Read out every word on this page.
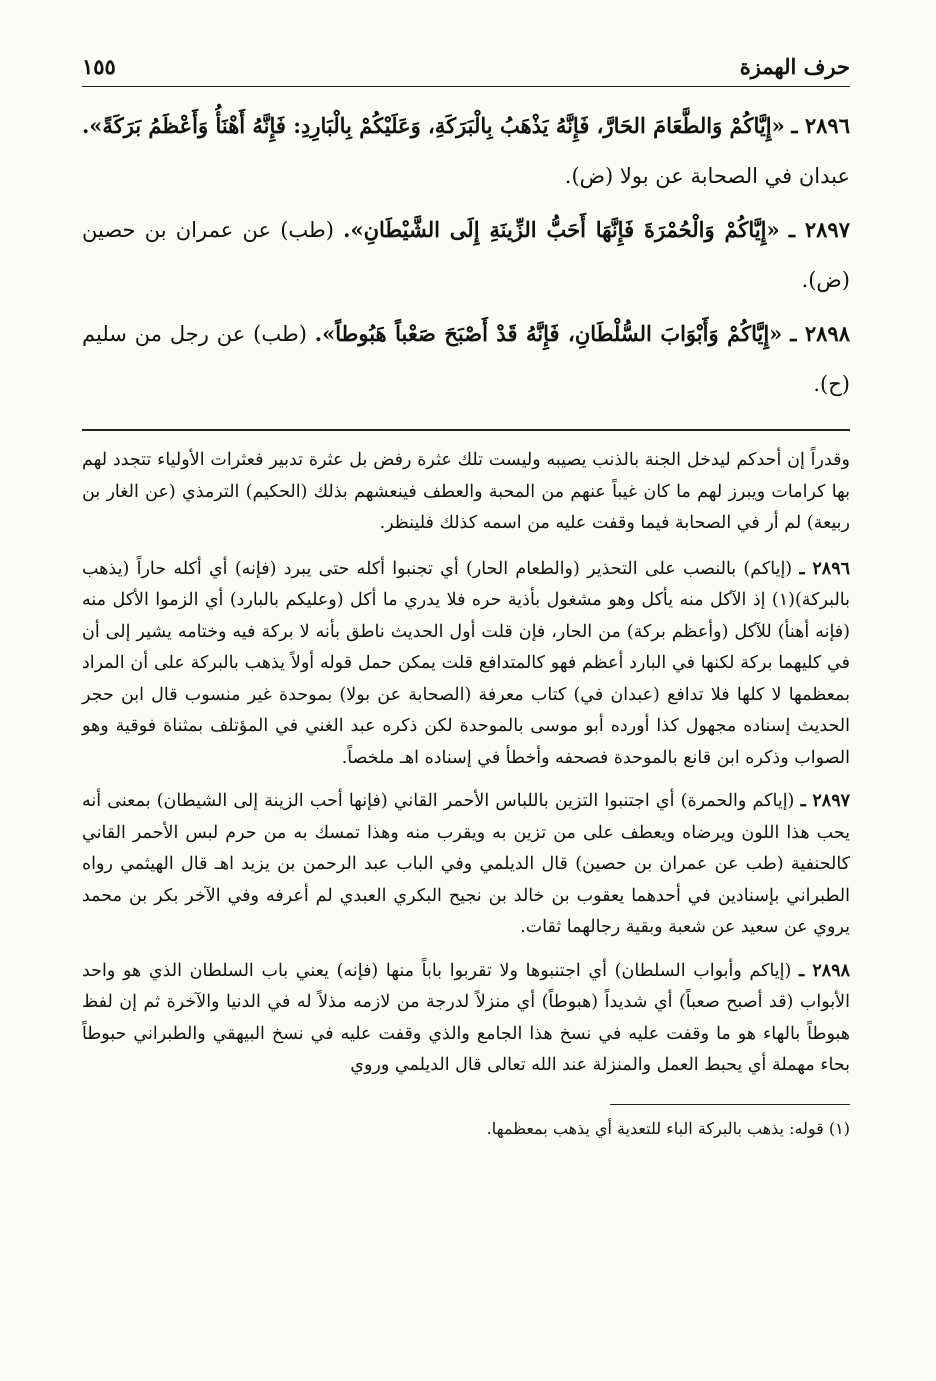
حرف الهمزة
١٥٥

٢٨٩٦ ـ «إِيَّاكُمْ وَالطَّعَامَ الحَارَّ، فَإِنَّهُ يَذْهَبُ بِالْبَرَكَةِ، وَعَلَيْكُمْ بِالْبَارِدِ: فَإِنَّهُ أَهْنَأُ وَأَعْظَمُ بَرَكَةً». عبدان في الصحابة عن بولا (ض).

٢٨٩٧ ـ «إِيَّاكُمْ وَالْحُمْرَةَ فَإِنَّهَا أَحَبُّ الزِّينَةِ إِلَى الشَّيْطَانِ». (طب) عن عمران بن حصين (ض).

٢٨٩٨ ـ «إِيَّاكُمْ وَأَبْوَابَ السُّلْطَانِ، فَإِنَّهُ قَدْ أَصْبَحَ صَعْباً هَبُوطاً». (طب) عن رجل من سليم (ح).

وقدراً إن أحدكم ليدخل الجنة بالذنب يصيبه وليست تلك عثرة رفض بل عثرة تدبير فعثرات الأولياء تتجدد لهم بها كرامات ويبرز لهم ما كان غيباً عنهم من المحبة والعطف فينعشهم بذلك (الحكيم) الترمذي (عن الغار بن ربيعة) لم أر في الصحابة فيما وقفت عليه من اسمه كذلك فلينظر.

٢٨٩٦ ـ (إياكم) بالنصب على التحذير (والطعام الحار) أي تجنبوا أكله حتى يبرد (فإنه) أي أكله حاراً (يذهب بالبركة)(١) إذ الآكل منه يأكل وهو مشغول بأذية حره فلا يدري ما أكل (وعليكم بالبارد) أي الزموا الأكل منه (فإنه أهنأ) للآكل (وأعظم بركة) من الحار، فإن قلت أول الحديث ناطق بأنه لا بركة فيه وختامه يشير إلى أن في كليهما بركة لكنها في البارد أعظم فهو كالمتدافع قلت يمكن حمل قوله أولاً يذهب بالبركة على أن المراد بمعظمها لا كلها فلا تدافع (عبدان في) كتاب معرفة (الصحابة عن بولا) بموحدة غير منسوب قال ابن حجر الحديث إسناده مجهول كذا أورده أبو موسى بالموحدة لكن ذكره عبد الغني في المؤتلف بمثناة فوقية وهو الصواب وذكره ابن قانع بالموحدة فصحفه وأخطأ في إسناده اهـ ملخصاً.

٢٨٩٧ ـ (إياكم والحمرة) أي اجتنبوا التزين باللباس الأحمر القاني (فإنها أحب الزينة إلى الشيطان) بمعنى أنه يحب هذا اللون ويرضاه ويعطف على من تزين به ويقرب منه وهذا تمسك به من حرم لبس الأحمر القاني كالحنفية (طب عن عمران بن حصين) قال الديلمي وفي الباب عبد الرحمن بن يزيد اهـ قال الهيثمي رواه الطبراني بإسنادين في أحدهما يعقوب بن خالد بن نجيح البكري العبدي لم أعرفه وفي الآخر بكر بن محمد يروي عن سعيد عن شعبة وبقية رجالهما ثقات.

٢٨٩٨ ـ (إياكم وأبواب السلطان) أي اجتنبوها ولا تقربوا باباً منها (فإنه) يعني باب السلطان الذي هو واحد الأبواب (قد أصبح صعباً) أي شديداً (هبوطاً) أي منزلاً لدرجة من لازمه مذلاً له في الدنيا والآخرة ثم إن لفظ هبوطاً بالهاء هو ما وقفت عليه في نسخ هذا الجامع والذي وقفت عليه في نسخ البيهقي والطبراني حبوطاً بحاء مهملة أي يحبط العمل والمنزلة عند الله تعالى قال الديلمي وروي

(١) قوله: يذهب بالبركة الباء للتعدية أي يذهب بمعظمها.
